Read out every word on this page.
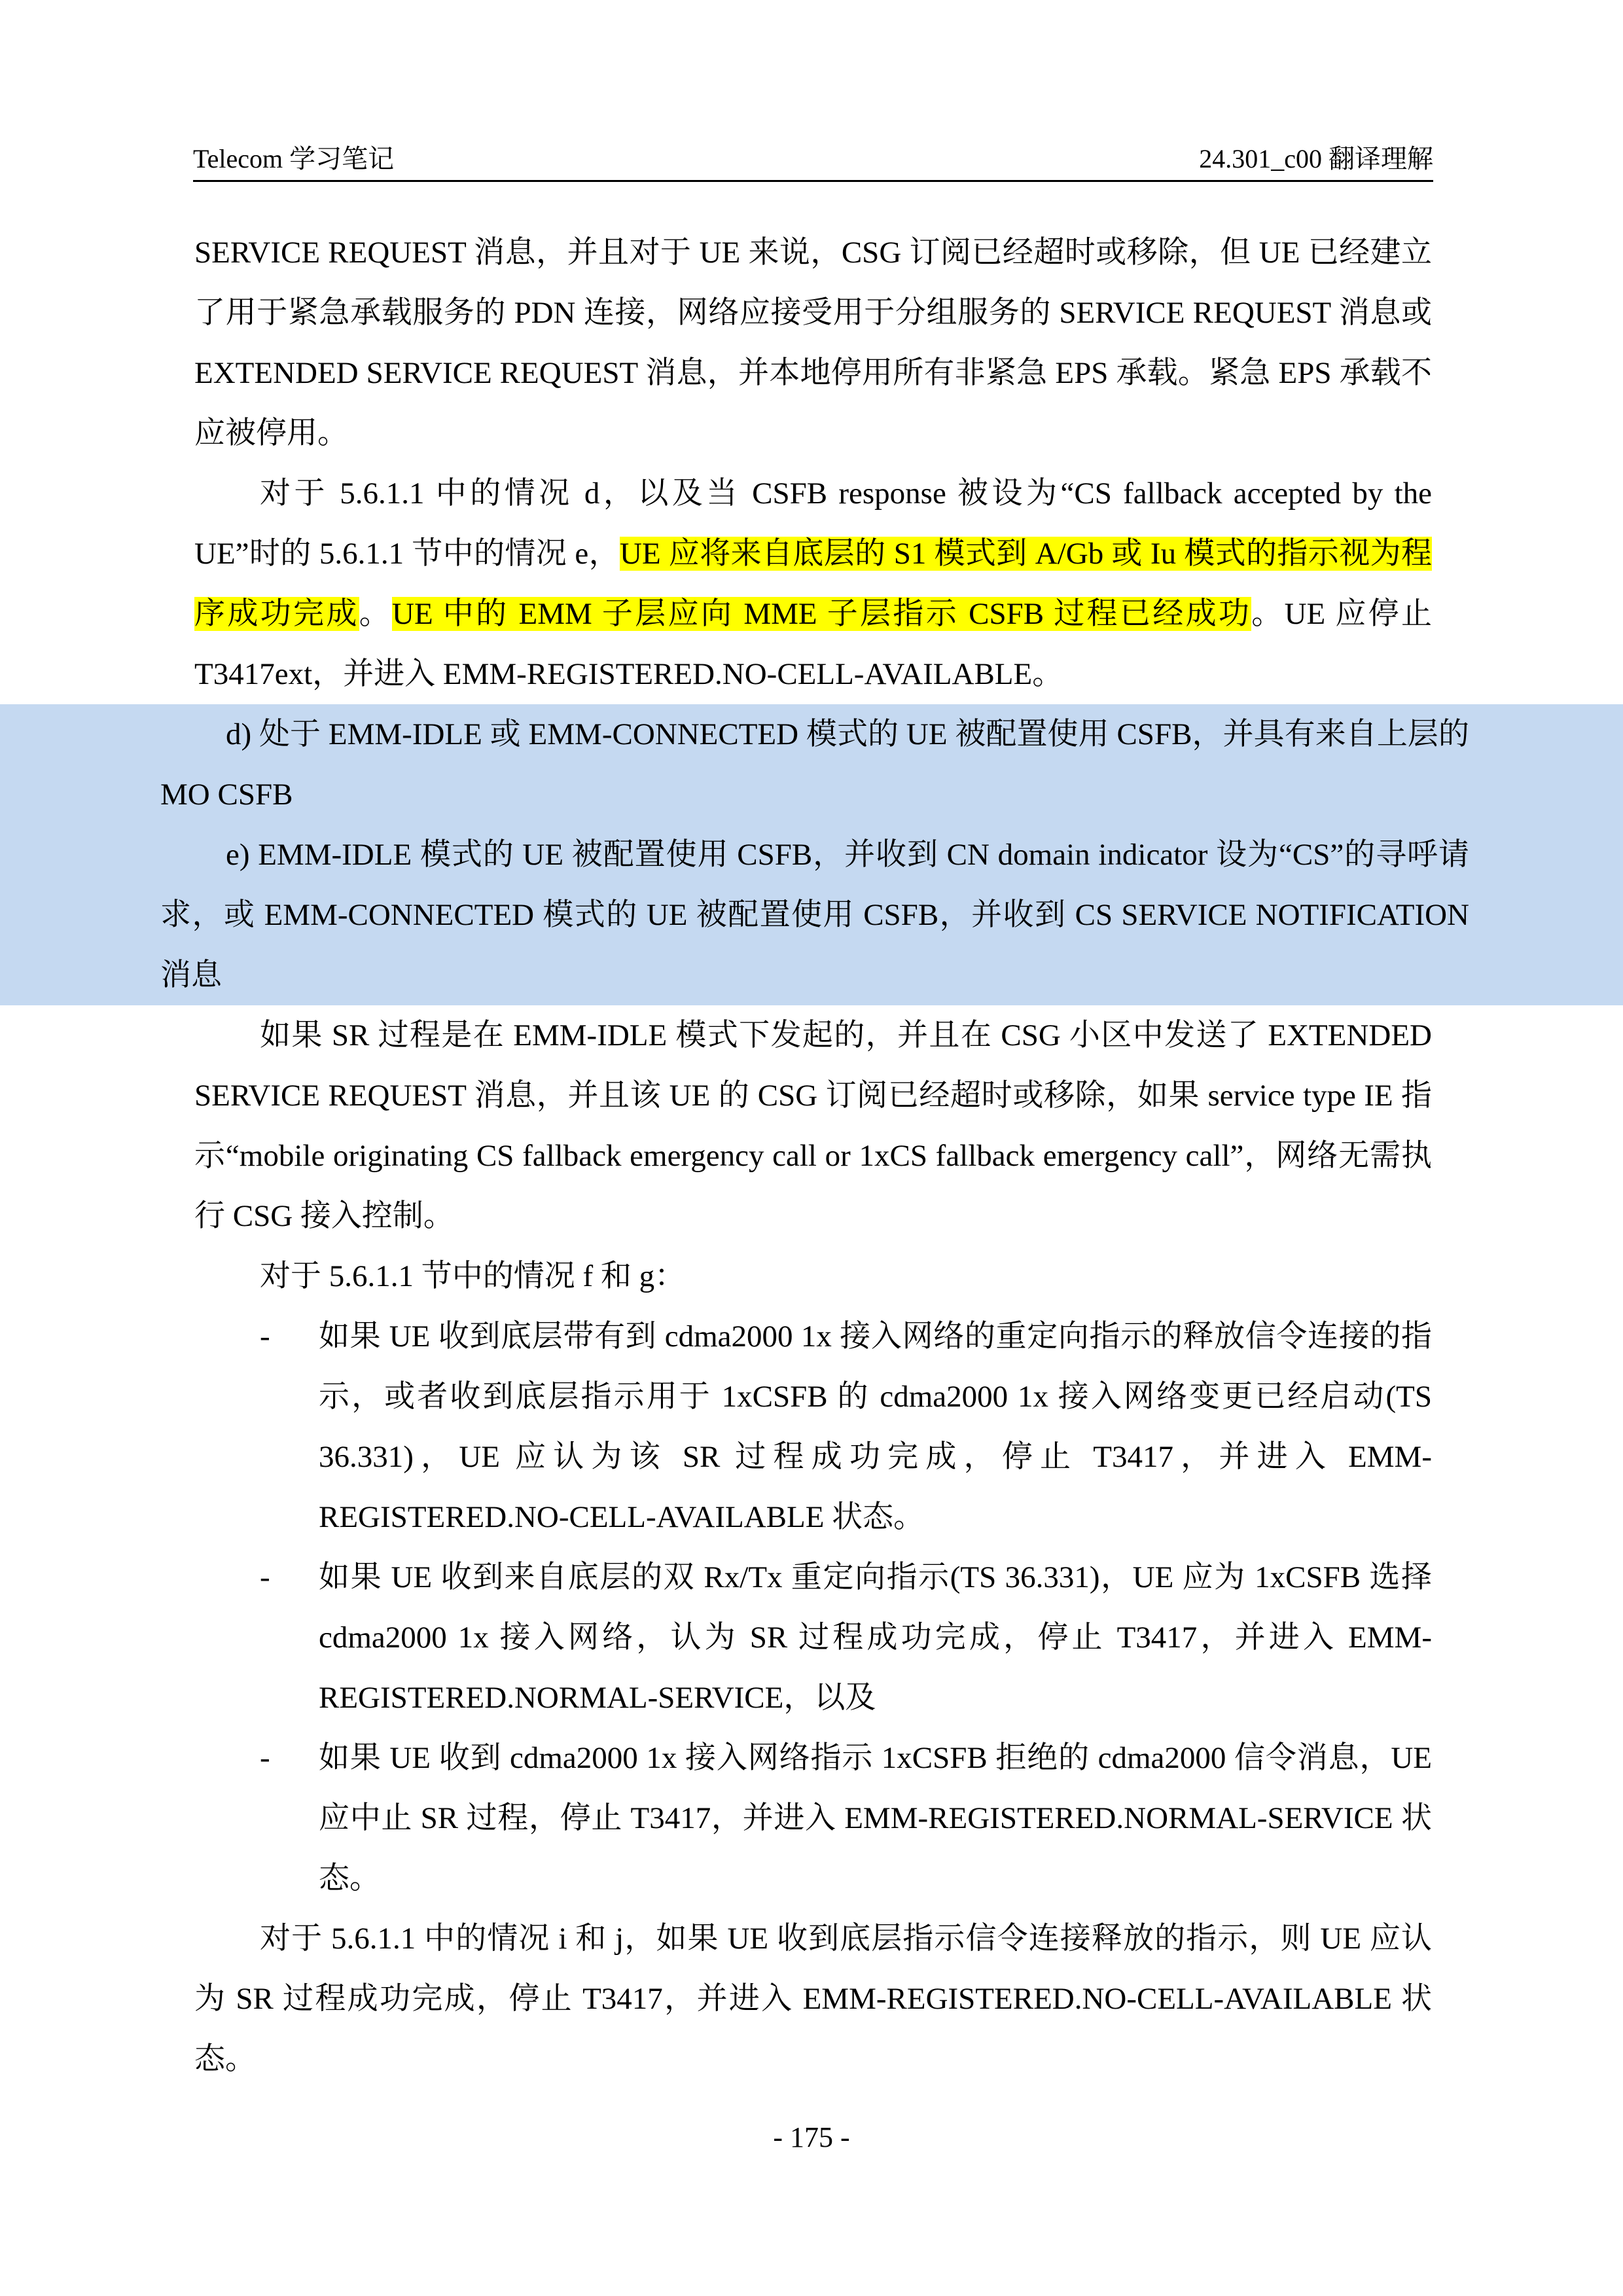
Telecom 学习笔记	24.301_c00 翻译理解

SERVICE REQUEST 消息，并且对于 UE 来说，CSG 订阅已经超时或移除，但 UE 已经建立了用于紧急承载服务的 PDN 连接，网络应接受用于分组服务的 SERVICE REQUEST 消息或 EXTENDED SERVICE REQUEST 消息，并本地停用所有非紧急 EPS 承载。紧急 EPS 承载不应被停用。

对于 5.6.1.1 中的情况 d，以及当 CSFB response 被设为“CS fallback accepted by the UE”时的 5.6.1.1 节中的情况 e，UE 应将来自底层的 S1 模式到 A/Gb 或 Iu 模式的指示视为程序成功完成。UE 中的 EMM 子层应向 MME 子层指示 CSFB 过程已经成功。UE 应停止 T3417ext，并进入 EMM-REGISTERED.NO-CELL-AVAILABLE。

d) 处于 EMM-IDLE 或 EMM-CONNECTED 模式的 UE 被配置使用 CSFB，并具有来自上层的 MO CSFB

e) EMM-IDLE 模式的 UE 被配置使用 CSFB，并收到 CN domain indicator 设为“CS”的寻呼请求，或 EMM-CONNECTED 模式的 UE 被配置使用 CSFB，并收到 CS SERVICE NOTIFICATION 消息

如果 SR 过程是在 EMM-IDLE 模式下发起的，并且在 CSG 小区中发送了 EXTENDED SERVICE REQUEST 消息，并且该 UE 的 CSG 订阅已经超时或移除，如果 service type IE 指示“mobile originating CS fallback emergency call or 1xCS fallback emergency call”，网络无需执行 CSG 接入控制。

对于 5.6.1.1 节中的情况 f 和 g：

- 如果 UE 收到底层带有到 cdma2000 1x 接入网络的重定向指示的释放信令连接的指示，或者收到底层指示用于 1xCSFB 的 cdma2000 1x 接入网络变更已经启动(TS 36.331)，UE 应认为该 SR 过程成功完成，停止 T3417，并进入 EMM-REGISTERED.NO-CELL-AVAILABLE 状态。
- 如果 UE 收到来自底层的双 Rx/Tx 重定向指示(TS 36.331)，UE 应为 1xCSFB 选择 cdma2000 1x 接入网络，认为 SR 过程成功完成，停止 T3417，并进入 EMM-REGISTERED.NORMAL-SERVICE，以及
- 如果 UE 收到 cdma2000 1x 接入网络指示 1xCSFB 拒绝的 cdma2000 信令消息，UE 应中止 SR 过程，停止 T3417，并进入 EMM-REGISTERED.NORMAL-SERVICE 状态。

对于 5.6.1.1 中的情况 i 和 j，如果 UE 收到底层指示信令连接释放的指示，则 UE 应认为 SR 过程成功完成，停止 T3417，并进入 EMM-REGISTERED.NO-CELL-AVAILABLE 状态。

- 175 -
